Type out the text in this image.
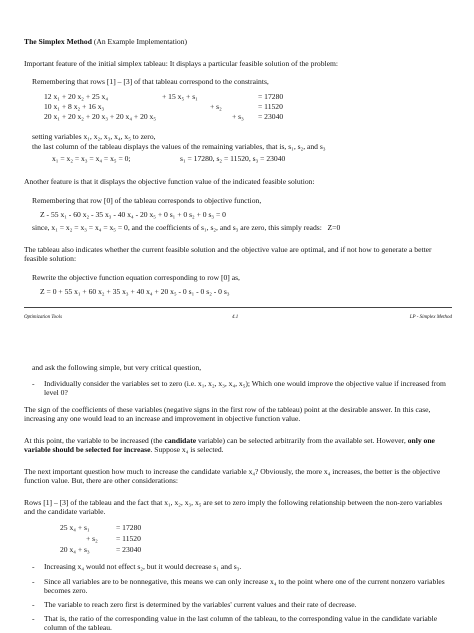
The Simplex Method (An Example Implementation)

Important feature of the initial simplex tableau: It displays a particular feasible solution of the problem:

Remembering that rows [1] – [3] of that tableau correspond to the constraints,

12 x₁ + 20 x₂ + 25 x₄	+ 15 x₅ + s₁	= 17280

10 x₁ + 8 x₂ + 16 x₃	+ s₂	= 11520

20 x₁ + 20 x₂ + 20 x₃ + 20 x₄ + 20 x₅	+ s₃ = 23040

setting variables x₁, x₂, x₃, x₄, x₅ to zero,

the last column of the tableau displays the values of the remaining variables, that is, s₁, s₂, and s₃

x₁ = x₂ = x₃ = x₄ = x₅ = 0;	s₁ = 17280, s₂ = 11520, s₃ = 23040

Another feature is that it displays the objective function value of the indicated feasible solution:

Remembering that row [0] of the tableau corresponds to objective function,

Z - 55 x₁ - 60 x₂ - 35 x₃ - 40 x₄ - 20 x₅ + 0 s₁ + 0 s₂ + 0 s₃ = 0

since, x₁ = x₂ = x₃ = x₄ = x₅ = 0, and the coefficients of s₁, s₂, and s₃ are zero, this simply reads: Z=0

The tableau also indicates whether the current feasible solution and the objective value are optimal, and if not how to generate a better feasible solution:

Rewrite the objective function equation corresponding to row [0] as,

Z = 0 + 55 x₁ + 60 x₂ + 35 x₃ + 40 x₄ + 20 x₅ - 0 s₁ - 0 s₂ - 0 s₃

Optimization Tools	4.1	LP - Simplex Method

and ask the following simple, but very critical question,

-	Individually consider the variables set to zero (i.e. x₁, x₂, x₃, x₄, x₅); Which one would improve the objective value if increased from level 0?

The sign of the coefficients of these variables (negative signs in the first row of the tableau) point at the desirable answer. In this case, increasing any one would lead to an increase and improvement in objective function value.

At this point, the variable to be increased (the candidate variable) can be selected arbitrarily from the available set. However, only one variable should be selected for increase. Suppose x₄ is selected.

The next important question how much to increase the candidate variable x₄? Obviously, the more x₄ increases, the better is the objective function value. But, there are other considerations:

Rows [1] – [3] of the tableau and the fact that x₁, x₂, x₃, x₅ are set to zero imply the following relationship between the non-zero variables and the candidate variable.

25 x₄ + s₁	= 17280

+ s₂ = 11520

20 x₄ + s₃	= 23040

-	Increasing x₄ would not effect s₂, but it would decrease s₁ and s₃.

-	Since all variables are to be nonnegative, this means we can only increase x₄ to the point where one of the current nonzero variables becomes zero.

-	The variable to reach zero first is determined by the variables' current values and their rate of decrease.

-	That is, the ratio of the corresponding value in the last column of the tableau, to the corresponding value in the candidate variable column of the tableau.
